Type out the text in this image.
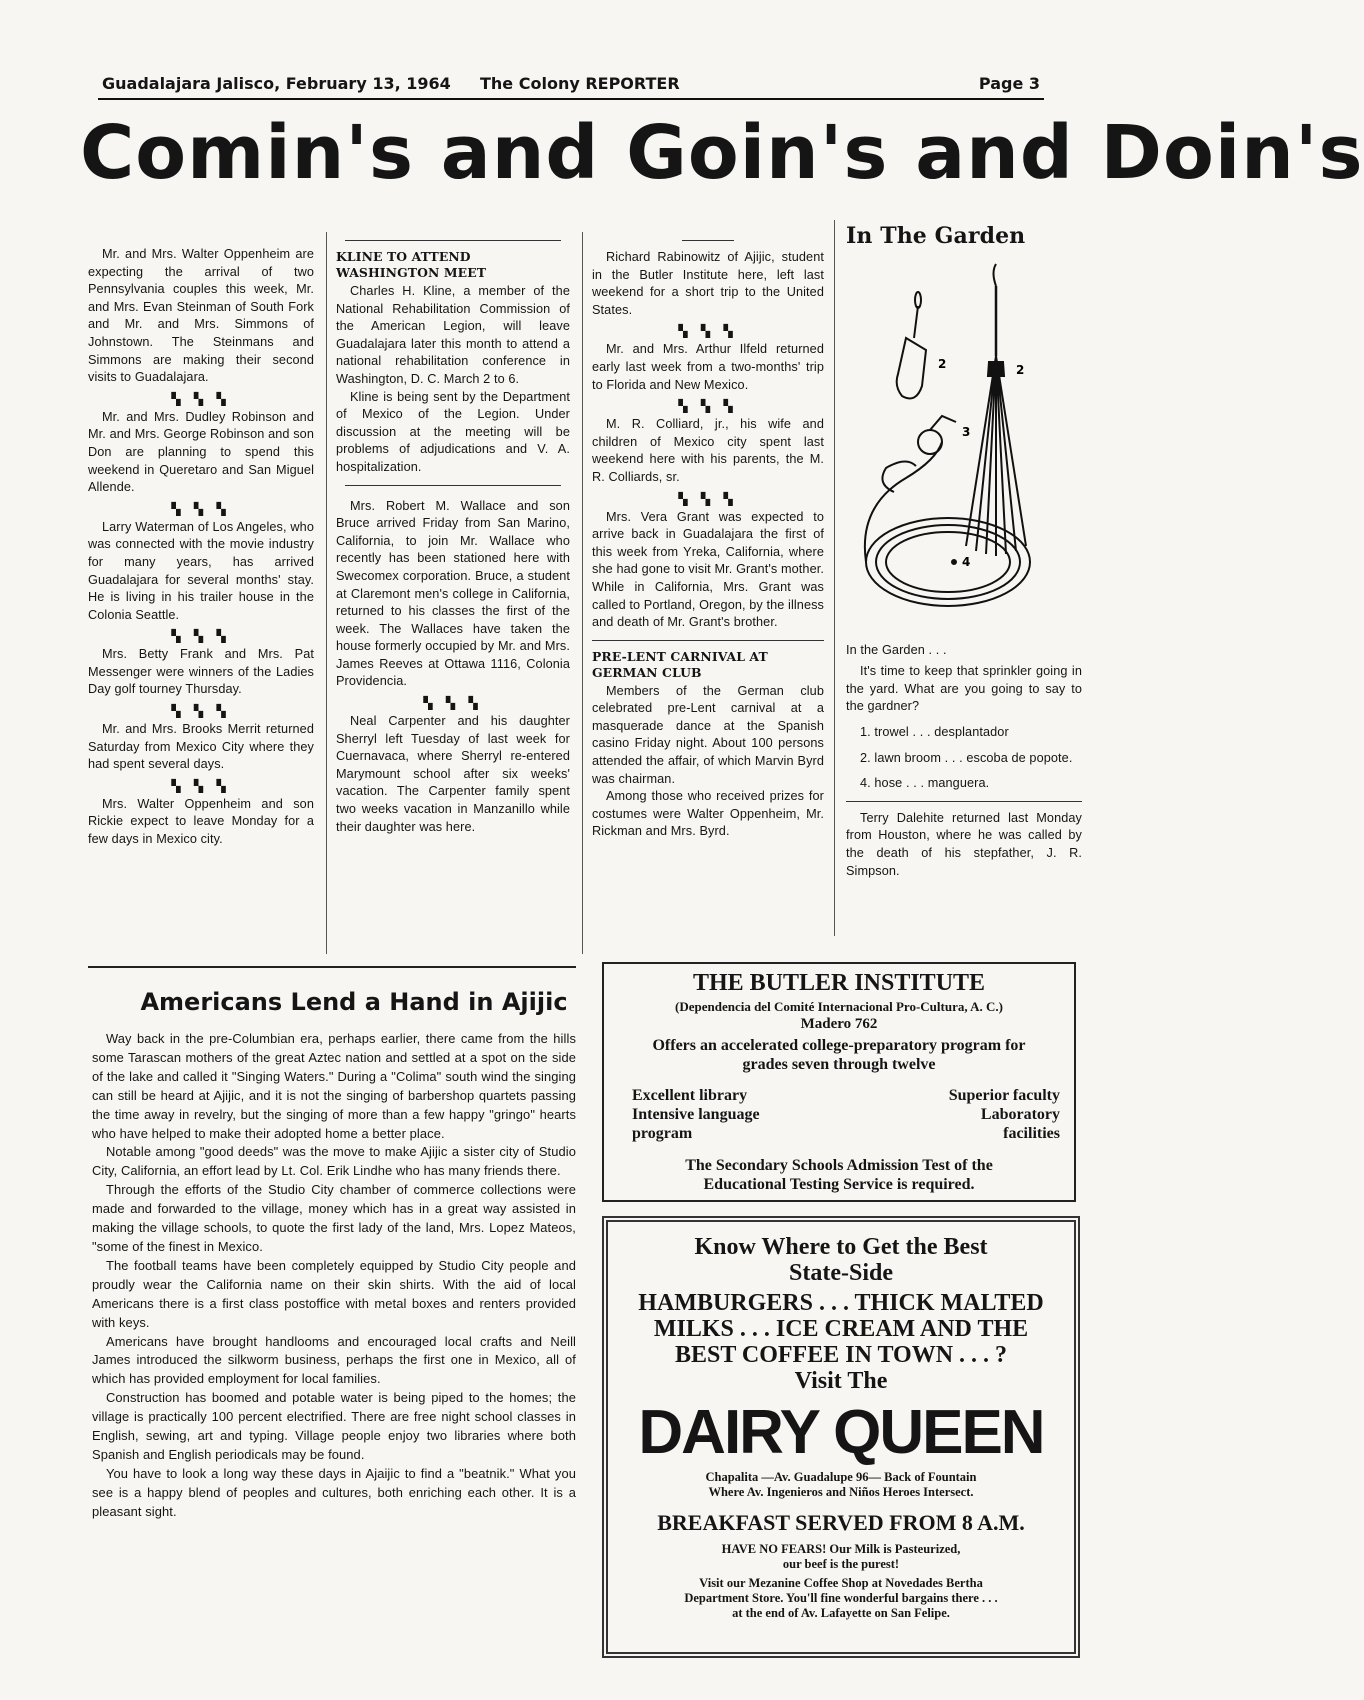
Guadalajara Jalisco, February 13, 1964 The Colony REPORTER	Page 3
Comin's and Goin's and Doin's

Mr. and Mrs. Walter Oppenheim are expecting the arrival of two Pennsylvania couples this week, Mr. and Mrs. Evan Steinman of South Fork and Mr. and Mrs. Simmons of Johnstown. The Steinmans and Simmons are making their second visits to Guadalajara.

▚ ▚ ▚

Mr. and Mrs. Dudley Robinson and Mr. and Mrs. George Robinson and son Don are planning to spend this weekend in Queretaro and San Miguel Allende.

▚ ▚ ▚

Larry Waterman of Los Angeles, who was connected with the movie industry for many years, has arrived Guadalajara for several months' stay. He is living in his trailer house in the Colonia Seattle.

▚ ▚ ▚

Mrs. Betty Frank and Mrs. Pat Messenger were winners of the Ladies Day golf tourney Thursday.

▚ ▚ ▚

Mr. and Mrs. Brooks Merrit returned Saturday from Mexico City where they had spent several days.

▚ ▚ ▚

Mrs. Walter Oppenheim and son Rickie expect to leave Monday for a few days in Mexico city.

KLINE TO ATTEND WASHINGTON MEET

Charles H. Kline, a member of the National Rehabilitation Commission of the American Legion, will leave Guadalajara later this month to attend a national rehabilitation conference in Washington, D. C. March 2 to 6.

Kline is being sent by the Department of Mexico of the Legion. Under discussion at the meeting will be problems of adjudications and V. A. hospitalization.

Mrs. Robert M. Wallace and son Bruce arrived Friday from San Marino, California, to join Mr. Wallace who recently has been stationed here with Swecomex corporation. Bruce, a student at Claremont men's college in California, returned to his classes the first of the week. The Wallaces have taken the house formerly occupied by Mr. and Mrs. James Reeves at Ottawa 1116, Colonia Providencia.

▚ ▚ ▚

Neal Carpenter and his daughter Sherryl left Tuesday of last week for Cuernavaca, where Sherryl re-entered Marymount school after six weeks' vacation. The Carpenter family spent two weeks vacation in Manzanillo while their daughter was here.

Richard Rabinowitz of Ajijic, student in the Butler Institute here, left last weekend for a short trip to the United States.

▚ ▚ ▚

Mr. and Mrs. Arthur Ilfeld returned early last week from a two-months' trip to Florida and New Mexico.

▚ ▚ ▚

M. R. Colliard, jr., his wife and children of Mexico city spent last weekend here with his parents, the M. R. Colliards, sr.

▚ ▚ ▚

Mrs. Vera Grant was expected to arrive back in Guadalajara the first of this week from Yreka, California, where she had gone to visit Mr. Grant's mother. While in California, Mrs. Grant was called to Portland, Oregon, by the illness and death of Mr. Grant's brother.

PRE-LENT CARNIVAL AT GERMAN CLUB

Members of the German club celebrated pre-Lent carnival at a masquerade dance at the Spanish casino Friday night. About 100 persons attended the affair, of which Marvin Byrd was chairman.

Among those who received prizes for costumes were Walter Oppenheim, Mr. Rickman and Mrs. Byrd.

In The Garden
2	2
3
4
In the Garden . . .

It's time to keep that sprinkler going in the yard. What are you going to say to the gardner?

1. trowel . . . desplantador

2. lawn broom . . . escoba de popote.

4. hose . . . manguera.

Terry Dalehite returned last Monday from Houston, where he was called by the death of his stepfather, J. R. Simpson.

Americans Lend a Hand in Ajijic

Way back in the pre-Columbian era, perhaps earlier, there came from the hills some Tarascan mothers of the great Aztec nation and settled at a spot on the side of the lake and called it "Singing Waters." During a "Colima" south wind the singing can still be heard at Ajijic, and it is not the singing of barbershop quartets passing the time away in revelry, but the singing of more than a few happy "gringo" hearts who have helped to make their adopted home a better place.

Notable among "good deeds" was the move to make Ajijic a sister city of Studio City, California, an effort lead by Lt. Col. Erik Lindhe who has many friends there.

Through the efforts of the Studio City chamber of commerce collections were made and forwarded to the village, money which has in a great way assisted in making the village schools, to quote the first lady of the land, Mrs. Lopez Mateos, "some of the finest in Mexico.

The football teams have been completely equipped by Studio City people and proudly wear the California name on their skin shirts. With the aid of local Americans there is a first class postoffice with metal boxes and renters provided with keys.

Americans have brought handlooms and encouraged local crafts and Neill James introduced the silkworm business, perhaps the first one in Mexico, all of which has provided employment for local families.

Construction has boomed and potable water is being piped to the homes; the village is practically 100 percent electrified. There are free night school classes in English, sewing, art and typing. Village people enjoy two libraries where both Spanish and English periodicals may be found.

You have to look a long way these days in Ajaijic to find a "beatnik." What you see is a happy blend of peoples and cultures, both enriching each other. It is a pleasant sight.

THE BUTLER INSTITUTE
(Dependencia del Comité Internacional Pro-Cultura, A. C.)
Madero 762
Offers an accelerated college-preparatory program for grades seven through twelve
Excellent library
Intensive language
program
Superior faculty
Laboratory
facilities
The Secondary Schools Admission Test of the Educational Testing Service is required.
Know Where to Get the Best
State-Side
HAMBURGERS . . . THICK MALTED
MILKS . . . ICE CREAM AND THE
BEST COFFEE IN TOWN . . . ?
Visit The
DAIRY QUEEN
Chapalita —Av. Guadalupe 96— Back of Fountain
Where Av. Ingenieros and Niños Heroes Intersect.
BREAKFAST SERVED FROM 8 A.M.
HAVE NO FEARS! Our Milk is Pasteurized,
our beef is the purest!
Visit our Mezanine Coffee Shop at Novedades Bertha
Department Store. You'll fine wonderful bargains there . . .
at the end of Av. Lafayette on San Felipe.
